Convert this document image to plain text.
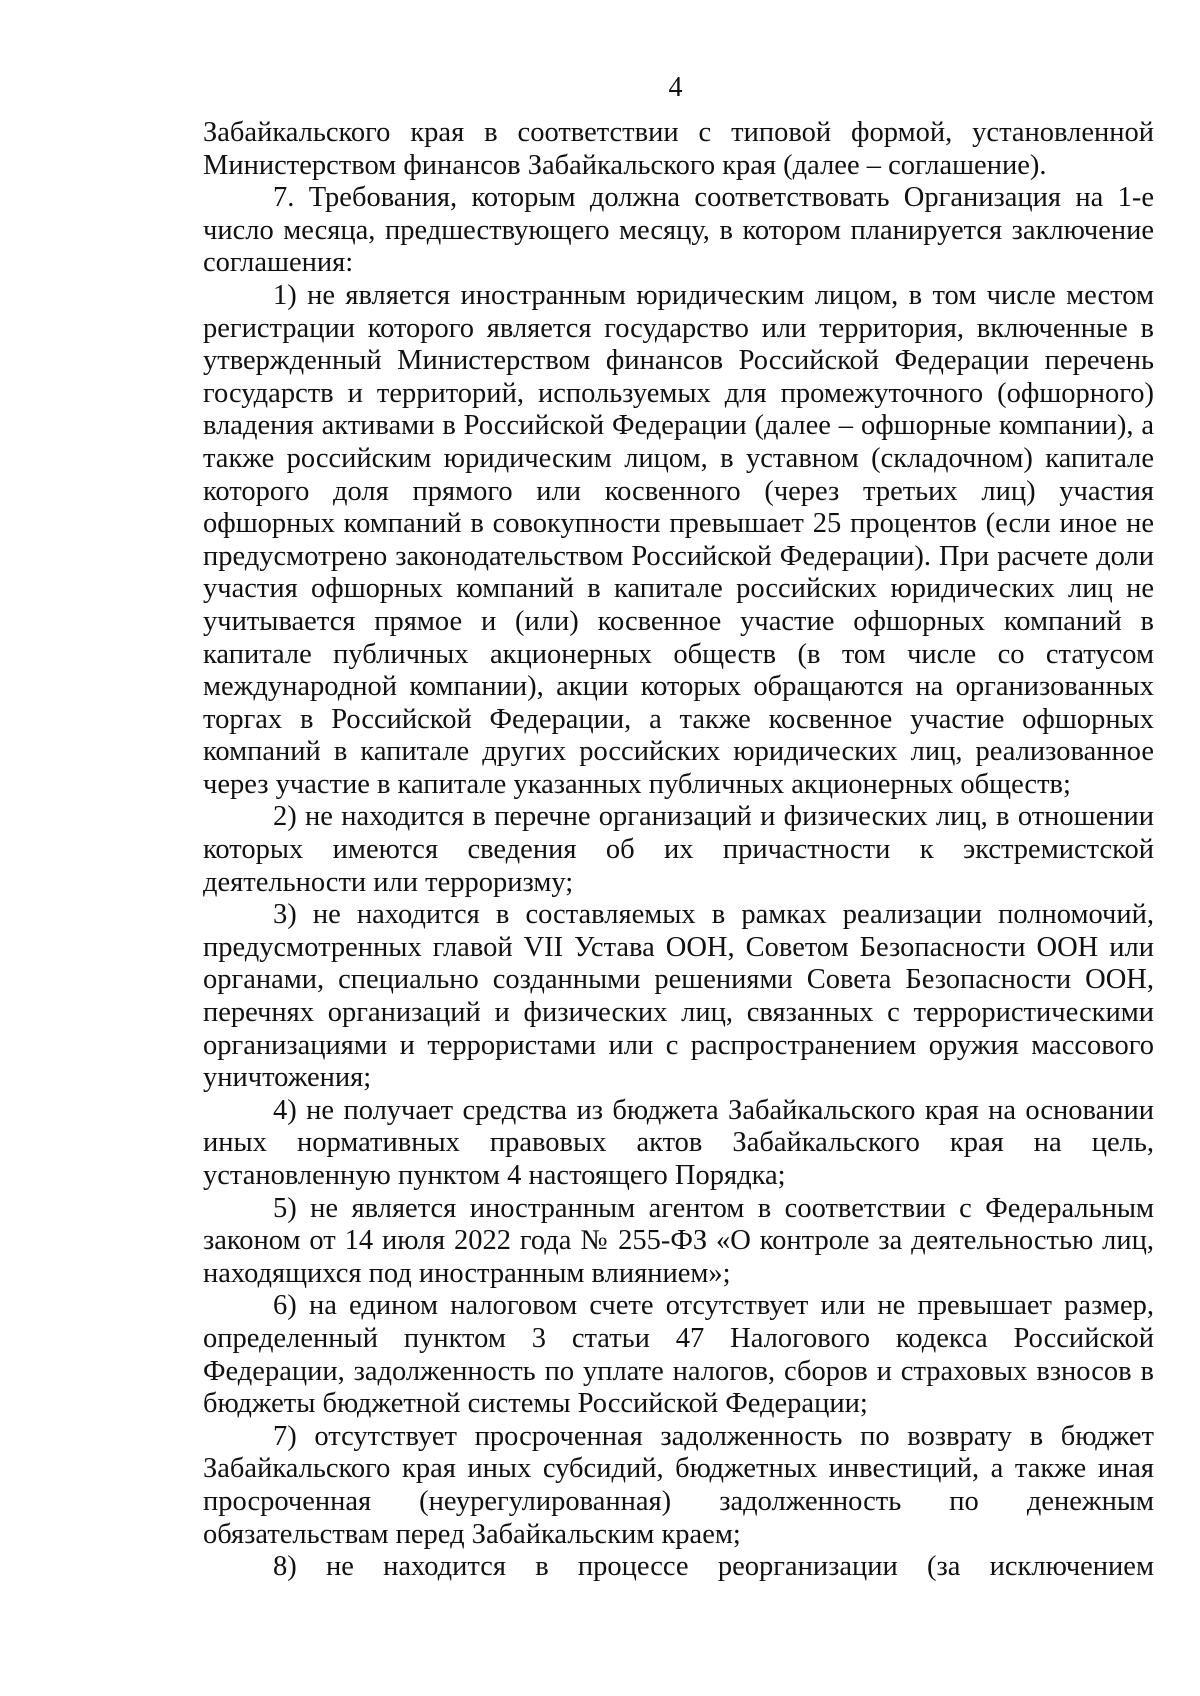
4

Забайкальского края в соответствии с типовой формой, установленной Министерством финансов Забайкальского края (далее – соглашение).

7. Требования, которым должна соответствовать Организация на 1-е число месяца, предшествующего месяцу, в котором планируется заключение соглашения:

1) не является иностранным юридическим лицом, в том числе местом регистрации которого является государство или территория, включенные в утвержденный Министерством финансов Российской Федерации перечень государств и территорий, используемых для промежуточного (офшорного) владения активами в Российской Федерации (далее – офшорные компании), а также российским юридическим лицом, в уставном (складочном) капитале которого доля прямого или косвенного (через третьих лиц) участия офшорных компаний в совокупности превышает 25 процентов (если иное не предусмотрено законодательством Российской Федерации). При расчете доли участия офшорных компаний в капитале российских юридических лиц не учитывается прямое и (или) косвенное участие офшорных компаний в капитале публичных акционерных обществ (в том числе со статусом международной компании), акции которых обращаются на организованных торгах в Российской Федерации, а также косвенное участие офшорных компаний в капитале других российских юридических лиц, реализованное через участие в капитале указанных публичных акционерных обществ;

2) не находится в перечне организаций и физических лиц, в отношении которых имеются сведения об их причастности к экстремистской деятельности или терроризму;

3) не находится в составляемых в рамках реализации полномочий, предусмотренных главой VII Устава ООН, Советом Безопасности ООН или органами, специально созданными решениями Совета Безопасности ООН, перечнях организаций и физических лиц, связанных с террористическими организациями и террористами или с распространением оружия массового уничтожения;

4) не получает средства из бюджета Забайкальского края на основании иных нормативных правовых актов Забайкальского края на цель, установленную пунктом 4 настоящего Порядка;

5) не является иностранным агентом в соответствии с Федеральным законом от 14 июля 2022 года № 255-ФЗ «О контроле за деятельностью лиц, находящихся под иностранным влиянием»;

6) на едином налоговом счете отсутствует или не превышает размер, определенный пунктом 3 статьи 47 Налогового кодекса Российской Федерации, задолженность по уплате налогов, сборов и страховых взносов в бюджеты бюджетной системы Российской Федерации;

7) отсутствует просроченная задолженность по возврату в бюджет Забайкальского края иных субсидий, бюджетных инвестиций, а также иная просроченная (неурегулированная) задолженность по денежным обязательствам перед Забайкальским краем;

8) не находится в процессе реорганизации (за исключением
